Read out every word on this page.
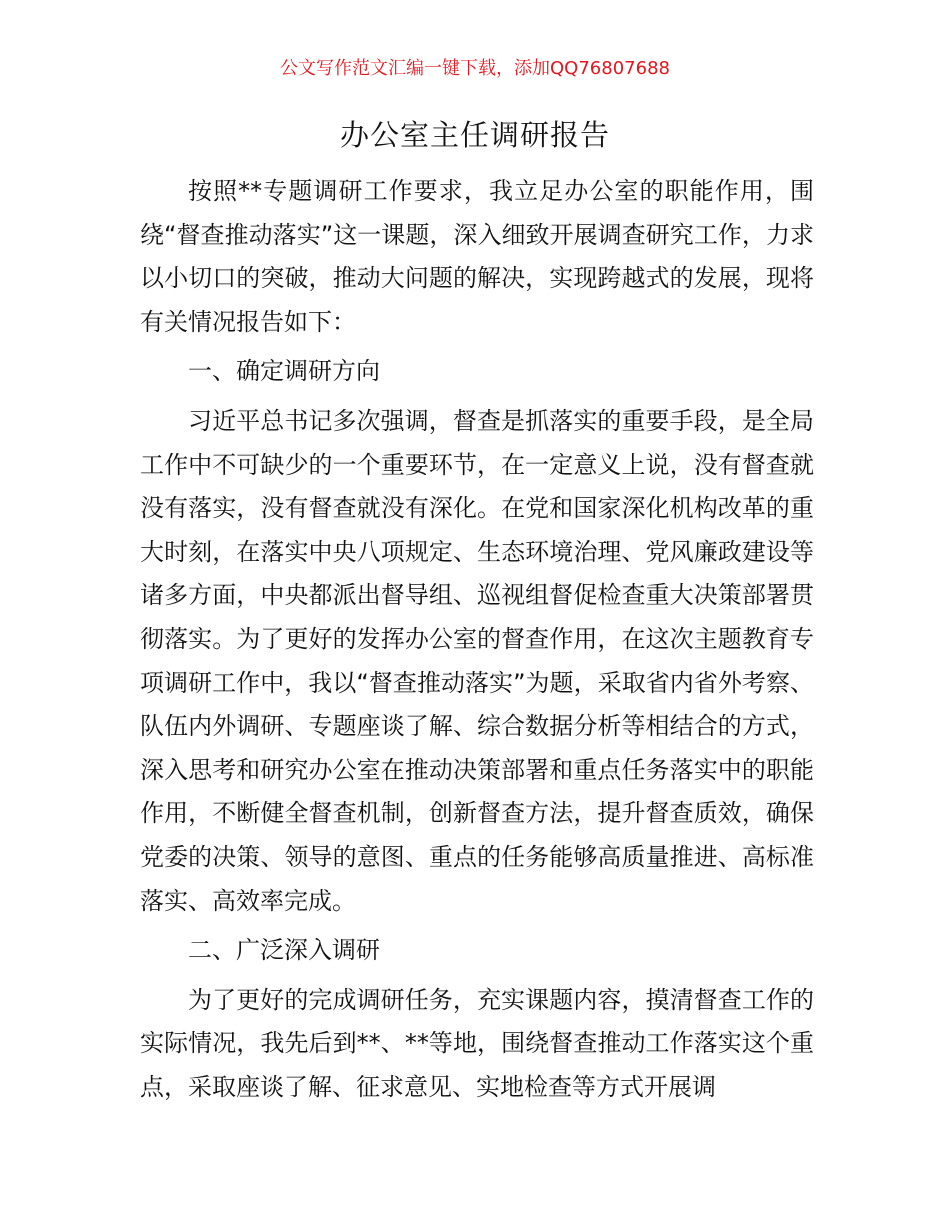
公文写作范文汇编一键下载，添加QQ76807688
办公室主任调研报告

按照**专题调研工作要求，我立足办公室的职能作用，围绕“督查推动落实”这一课题，深入细致开展调查研究工作，力求以小切口的突破，推动大问题的解决，实现跨越式的发展，现将有关情况报告如下：

一、确定调研方向

习近平总书记多次强调，督查是抓落实的重要手段，是全局工作中不可缺少的一个重要环节，在一定意义上说，没有督查就没有落实，没有督查就没有深化。在党和国家深化机构改革的重大时刻，在落实中央八项规定、生态环境治理、党风廉政建设等诸多方面，中央都派出督导组、巡视组督促检查重大决策部署贯彻落实。为了更好的发挥办公室的督查作用，在这次主题教育专项调研工作中，我以“督查推动落实”为题，采取省内省外考察、队伍内外调研、专题座谈了解、综合数据分析等相结合的方式，深入思考和研究办公室在推动决策部署和重点任务落实中的职能作用，不断健全督查机制，创新督查方法，提升督查质效，确保党委的决策、领导的意图、重点的任务能够高质量推进、高标准落实、高效率完成。

二、广泛深入调研

为了更好的完成调研任务，充实课题内容，摸清督查工作的实际情况，我先后到**、**等地，围绕督查推动工作落实这个重点，采取座谈了解、征求意见、实地检查等方式开展调
